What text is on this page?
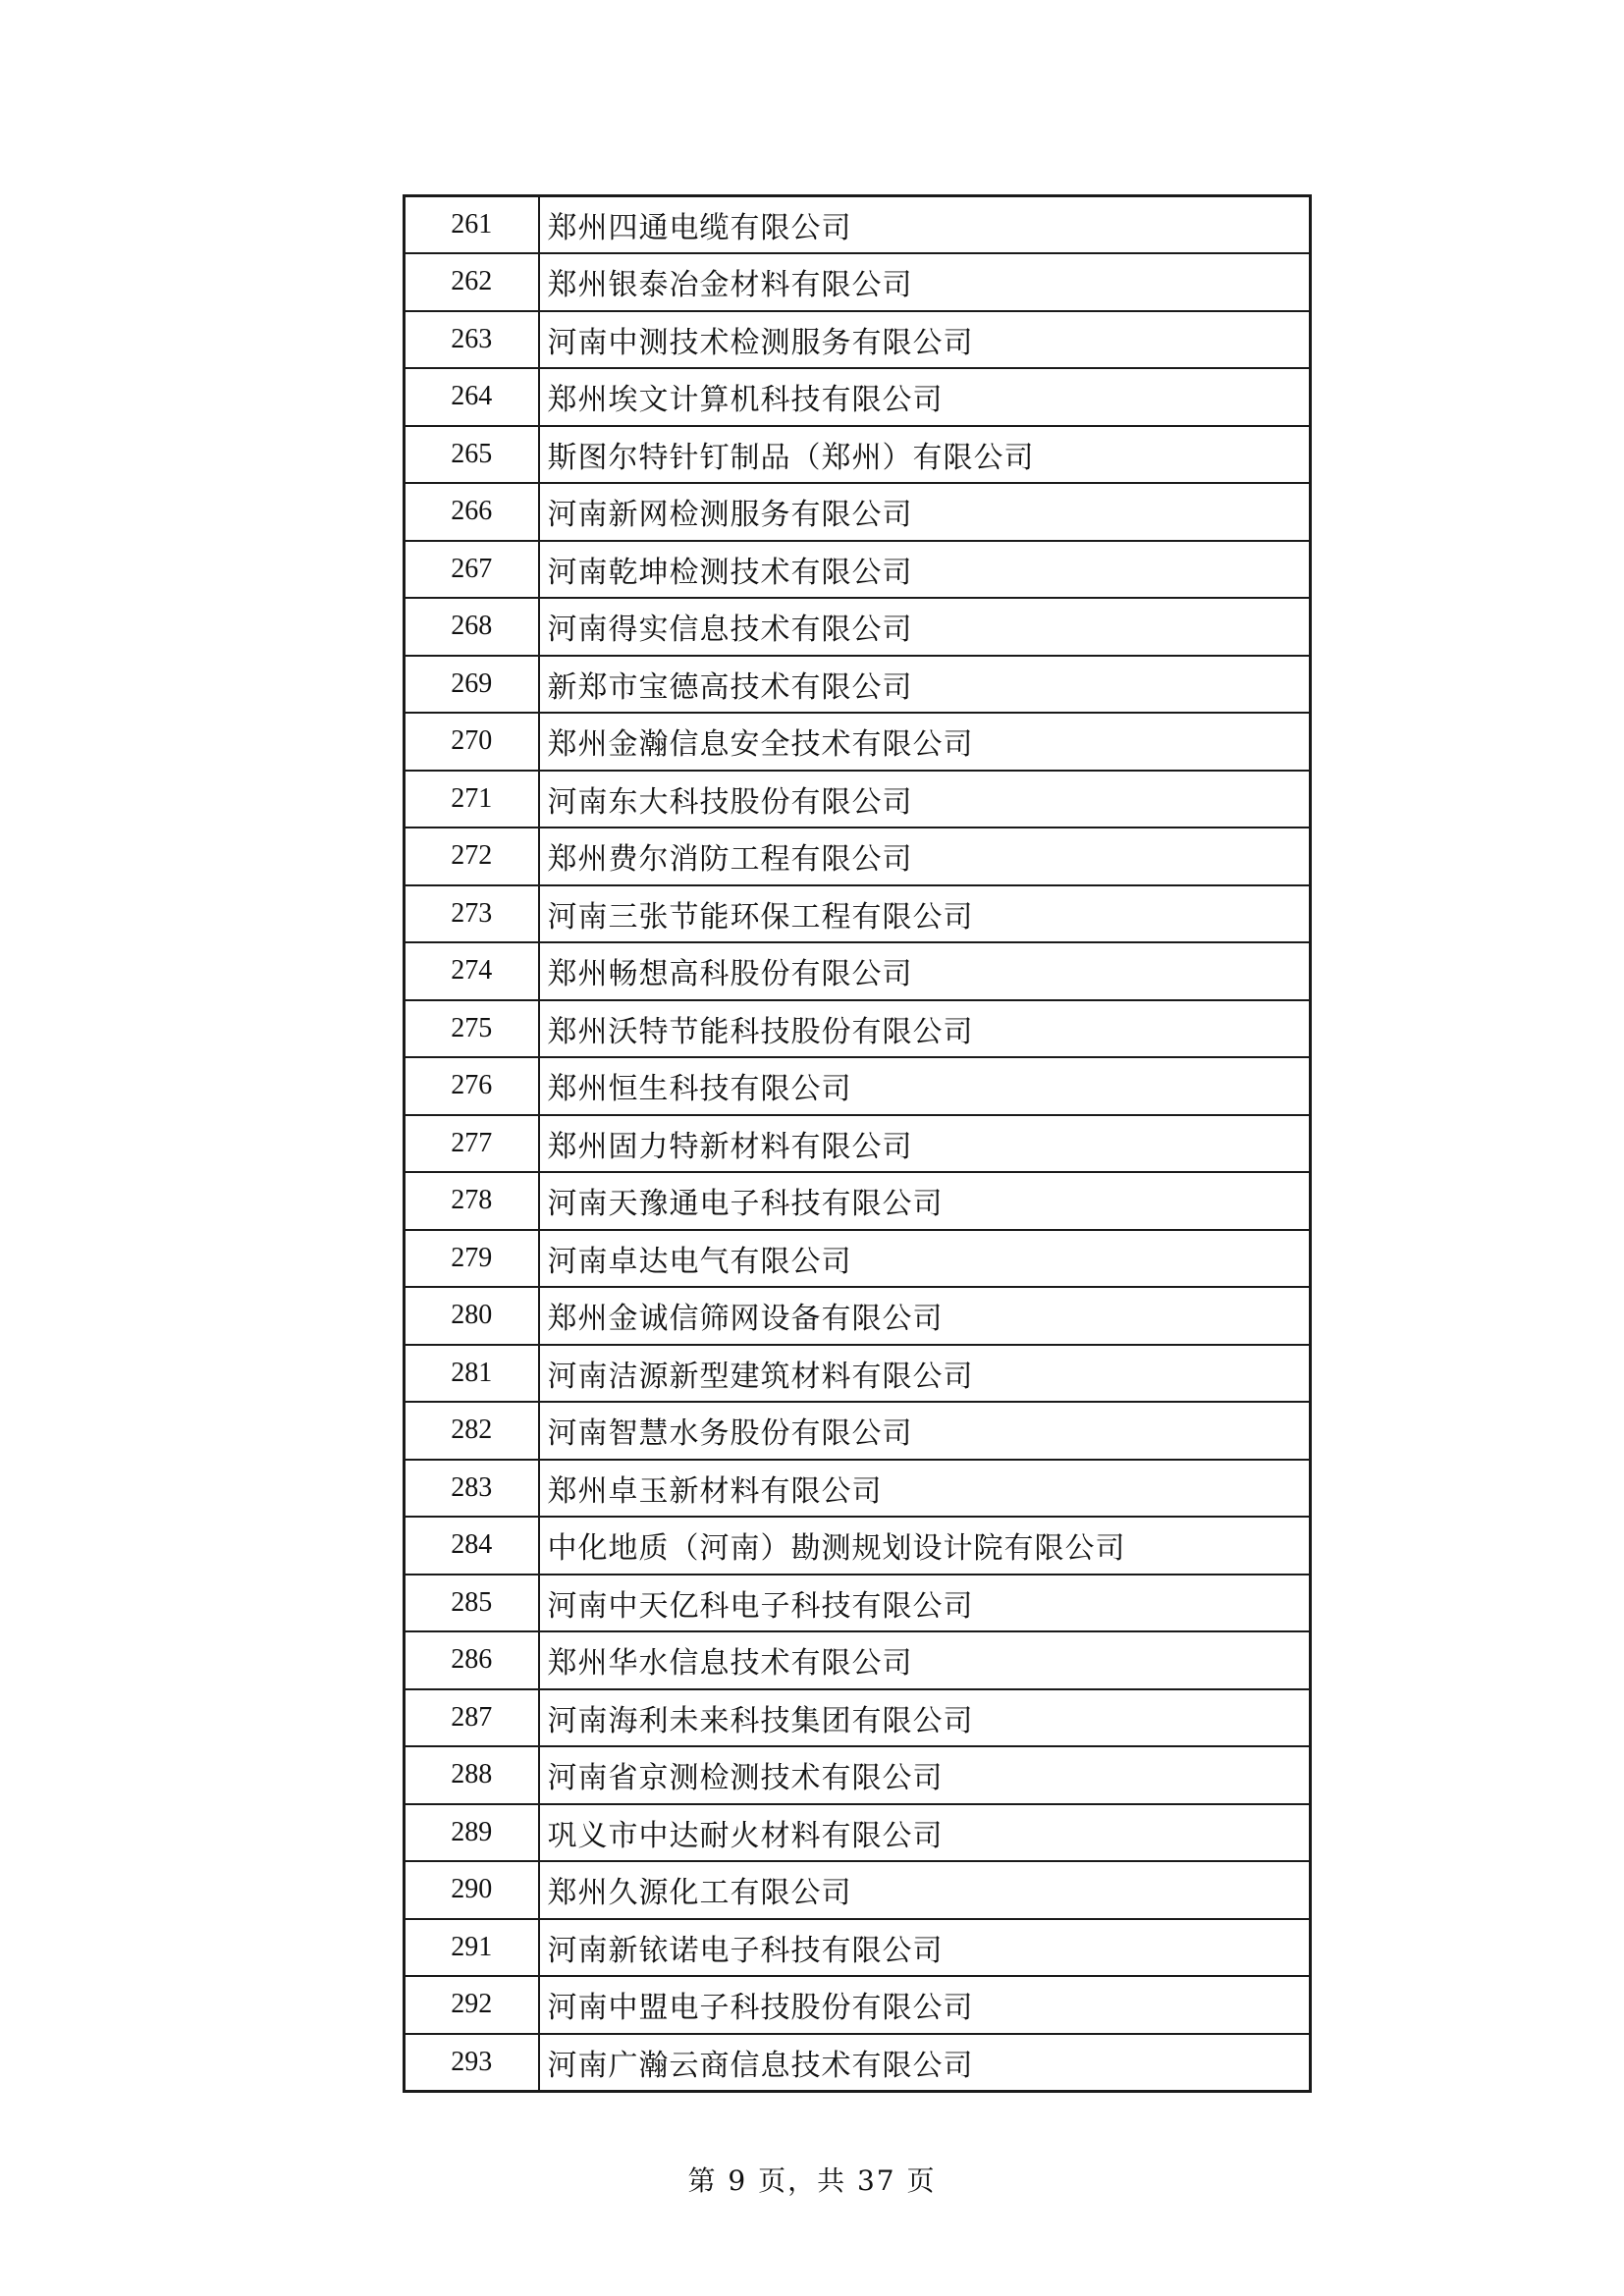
261	郑州四通电缆有限公司
262	郑州银泰冶金材料有限公司
263	河南中测技术检测服务有限公司
264	郑州埃文计算机科技有限公司
265	斯图尔特针钉制品（郑州）有限公司
266	河南新网检测服务有限公司
267	河南乾坤检测技术有限公司
268	河南得实信息技术有限公司
269	新郑市宝德高技术有限公司
270	郑州金瀚信息安全技术有限公司
271	河南东大科技股份有限公司
272	郑州费尔消防工程有限公司
273	河南三张节能环保工程有限公司
274	郑州畅想高科股份有限公司
275	郑州沃特节能科技股份有限公司
276	郑州恒生科技有限公司
277	郑州固力特新材料有限公司
278	河南天豫通电子科技有限公司
279	河南卓达电气有限公司
280	郑州金诚信筛网设备有限公司
281	河南洁源新型建筑材料有限公司
282	河南智慧水务股份有限公司
283	郑州卓玉新材料有限公司
284	中化地质（河南）勘测规划设计院有限公司
285	河南中天亿科电子科技有限公司
286	郑州华水信息技术有限公司
287	河南海利未来科技集团有限公司
288	河南省京测检测技术有限公司
289	巩义市中达耐火材料有限公司
290	郑州久源化工有限公司
291	河南新铱诺电子科技有限公司
292	河南中盟电子科技股份有限公司
293	河南广瀚云商信息技术有限公司
第 9 页，共 37 页
